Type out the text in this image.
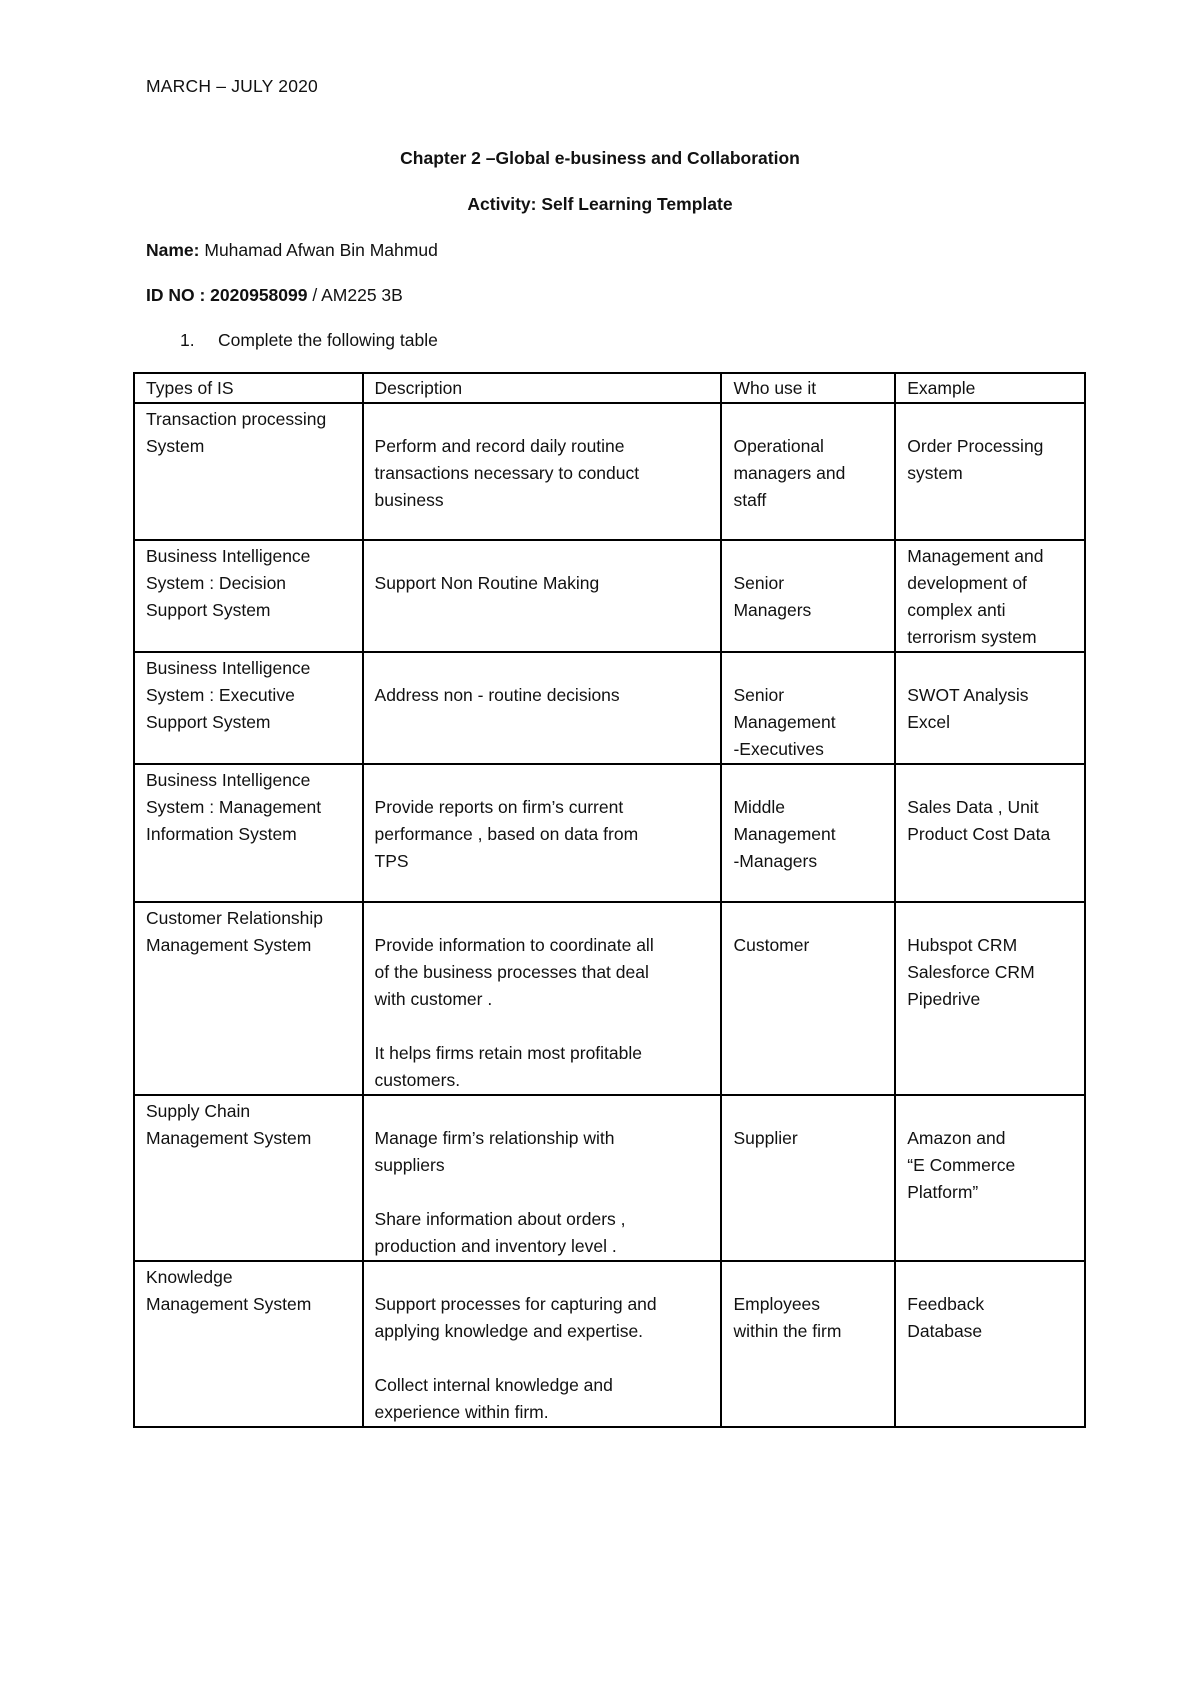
MARCH – JULY 2020
Chapter 2 –Global e-business and Collaboration
Activity: Self Learning Template
Name: Muhamad Afwan Bin Mahmud
ID NO : 2020958099 / AM225 3B
1. Complete the following table
Types of IS	Description	Who use it	Example

Transaction processing
System	Perform and record daily routine
transactions necessary to conduct
business	Operational
managers and
staff	Order Processing
system

Business Intelligence
System : Decision
Support System	Support Non Routine Making	Senior
Managers	Management and
development of
complex anti
terrorism system

Business Intelligence
System : Executive
Support System	Address non - routine decisions	Senior
Management
-Executives	SWOT Analysis
Excel

Business Intelligence
System : Management
Information System	Provide reports on firm’s current
performance , based on data from
TPS	Middle
Management
-Managers	Sales Data , Unit
Product Cost Data

Customer Relationship
Management System	Provide information to coordinate all
of the business processes that deal
with customer .

It helps firms retain most profitable
customers.	Customer	Hubspot CRM
Salesforce CRM
Pipedrive

Supply Chain
Management System	Manage firm’s relationship with
suppliers

Share information about orders ,
production and inventory level .	Supplier	Amazon and
“E Commerce
Platform”

Knowledge
Management System	Support processes for capturing and
applying knowledge and expertise.

Collect internal knowledge and
experience within firm.	Employees
within the firm	Feedback
Database
